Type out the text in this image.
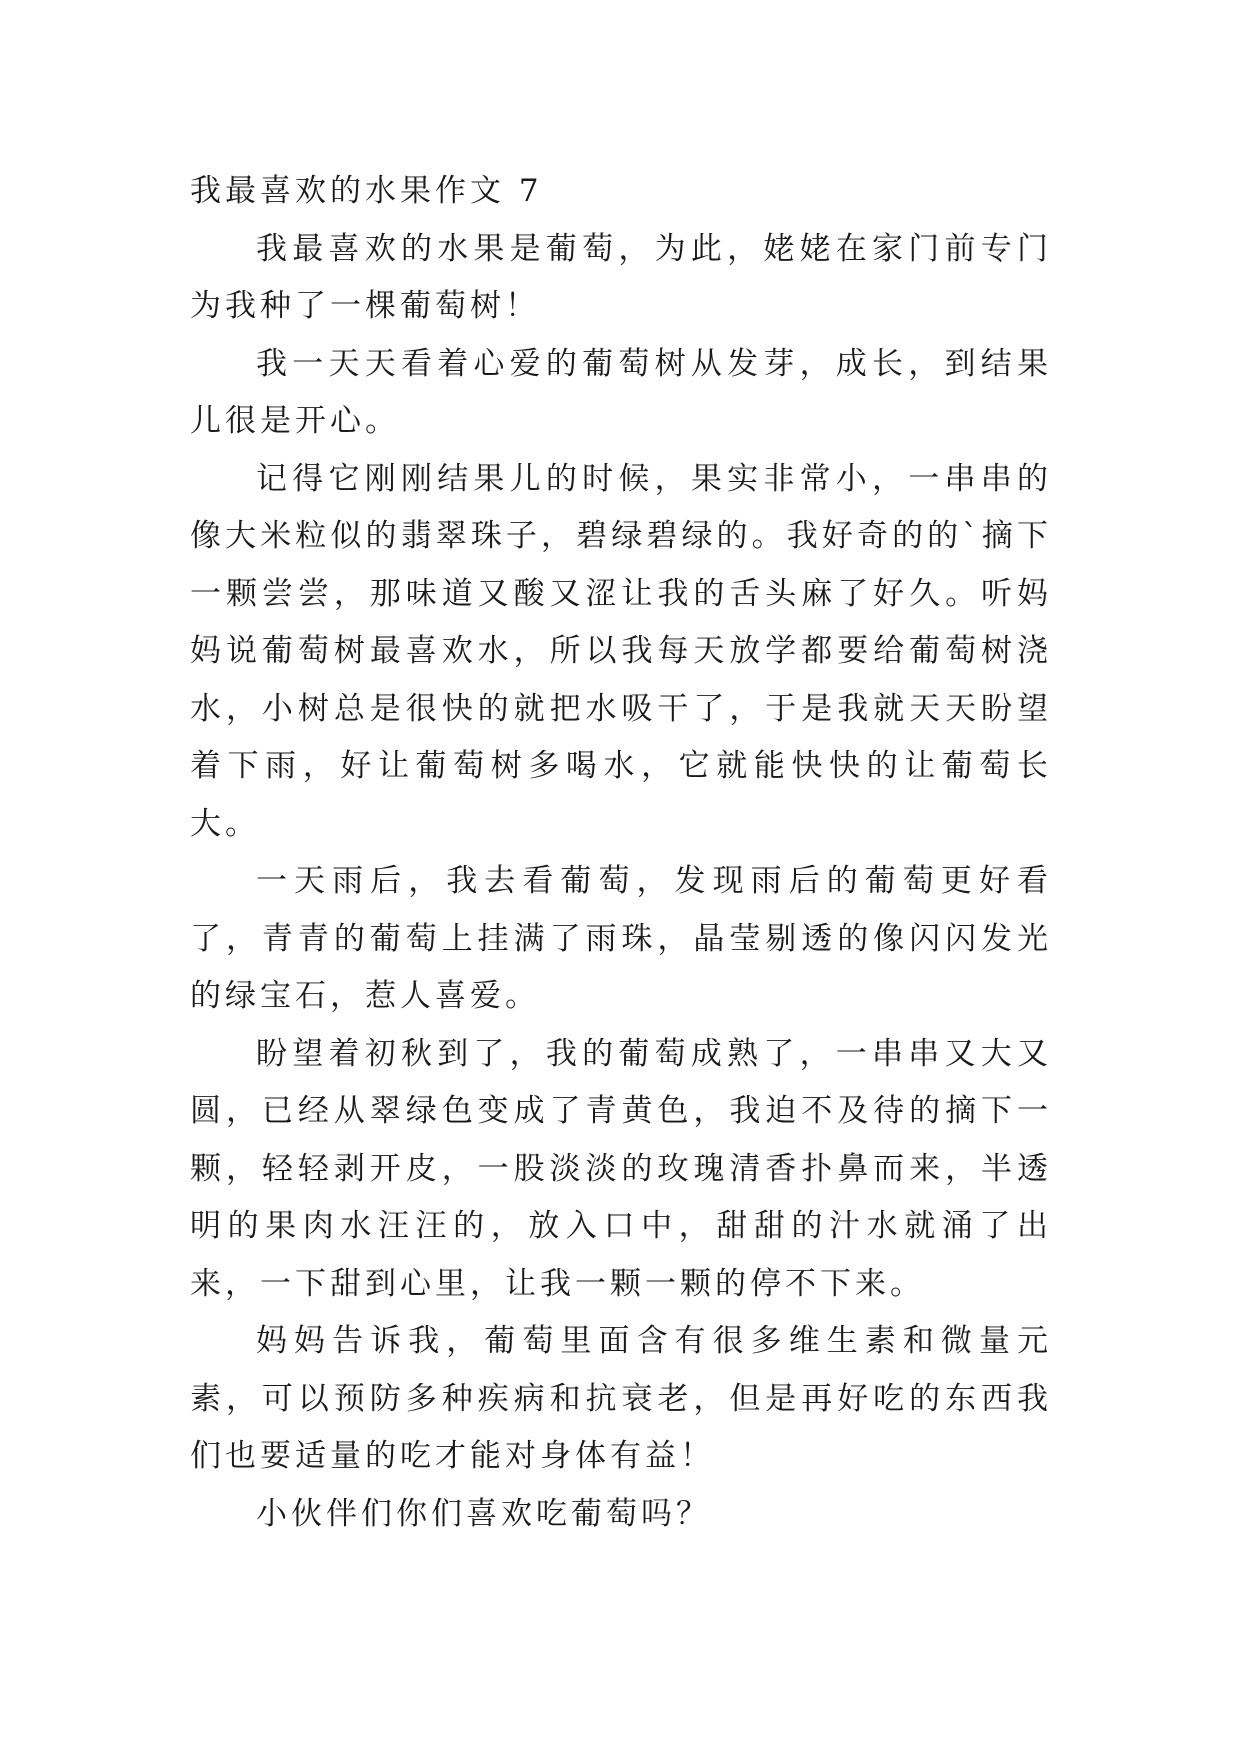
我最喜欢的水果作文 7

我最喜欢的水果是葡萄，为此，姥姥在家门前专门为我种了一棵葡萄树！

我一天天看着心爱的葡萄树从发芽，成长，到结果儿很是开心。

记得它刚刚结果儿的时候，果实非常小，一串串的像大米粒似的翡翠珠子，碧绿碧绿的。我好奇的的`摘下一颗尝尝，那味道又酸又涩让我的舌头麻了好久。听妈妈说葡萄树最喜欢水，所以我每天放学都要给葡萄树浇水，小树总是很快的就把水吸干了，于是我就天天盼望着下雨，好让葡萄树多喝水，它就能快快的让葡萄长大。

一天雨后，我去看葡萄，发现雨后的葡萄更好看了，青青的葡萄上挂满了雨珠，晶莹剔透的像闪闪发光的绿宝石，惹人喜爱。

盼望着初秋到了，我的葡萄成熟了，一串串又大又圆，已经从翠绿色变成了青黄色，我迫不及待的摘下一颗，轻轻剥开皮，一股淡淡的玫瑰清香扑鼻而来，半透明的果肉水汪汪的，放入口中，甜甜的汁水就涌了出来，一下甜到心里，让我一颗一颗的停不下来。

妈妈告诉我，葡萄里面含有很多维生素和微量元素，可以预防多种疾病和抗衰老，但是再好吃的东西我们也要适量的吃才能对身体有益！

小伙伴们你们喜欢吃葡萄吗？
